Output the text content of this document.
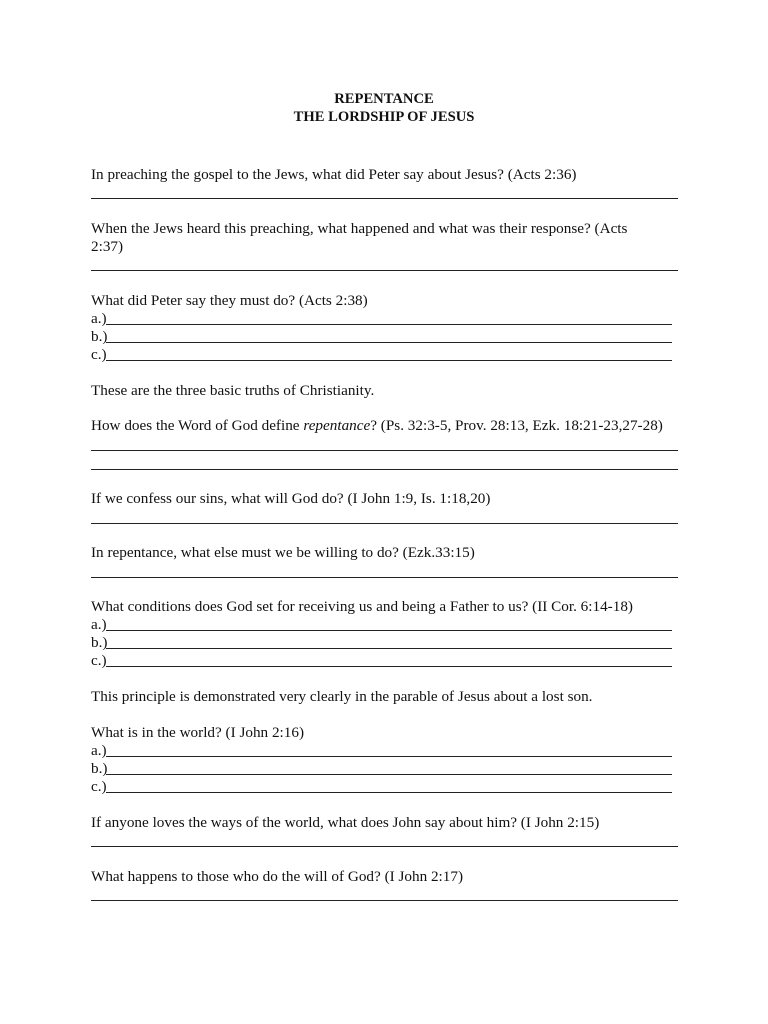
REPENTANCE
THE LORDSHIP OF JESUS
In preaching the gospel to the Jews, what did Peter say about Jesus? (Acts 2:36)
When the Jews heard this preaching, what happened and what was their response? (Acts
2:37)
What did Peter say they must do? (Acts 2:38)
a.)
b.)
c.)
These are the three basic truths of Christianity.
How does the Word of God define repentance? (Ps. 32:3-5, Prov. 28:13, Ezk. 18:21-23,27-28)
If we confess our sins, what will God do? (I John 1:9, Is. 1:18,20)
In repentance, what else must we be willing to do? (Ezk.33:15)
What conditions does God set for receiving us and being a Father to us? (II Cor. 6:14-18)
a.)
b.)
c.)
This principle is demonstrated very clearly in the parable of Jesus about a lost son.
What is in the world? (I John 2:16)
a.)
b.)
c.)
If anyone loves the ways of the world, what does John say about him? (I John 2:15)
What happens to those who do the will of God? (I John 2:17)
